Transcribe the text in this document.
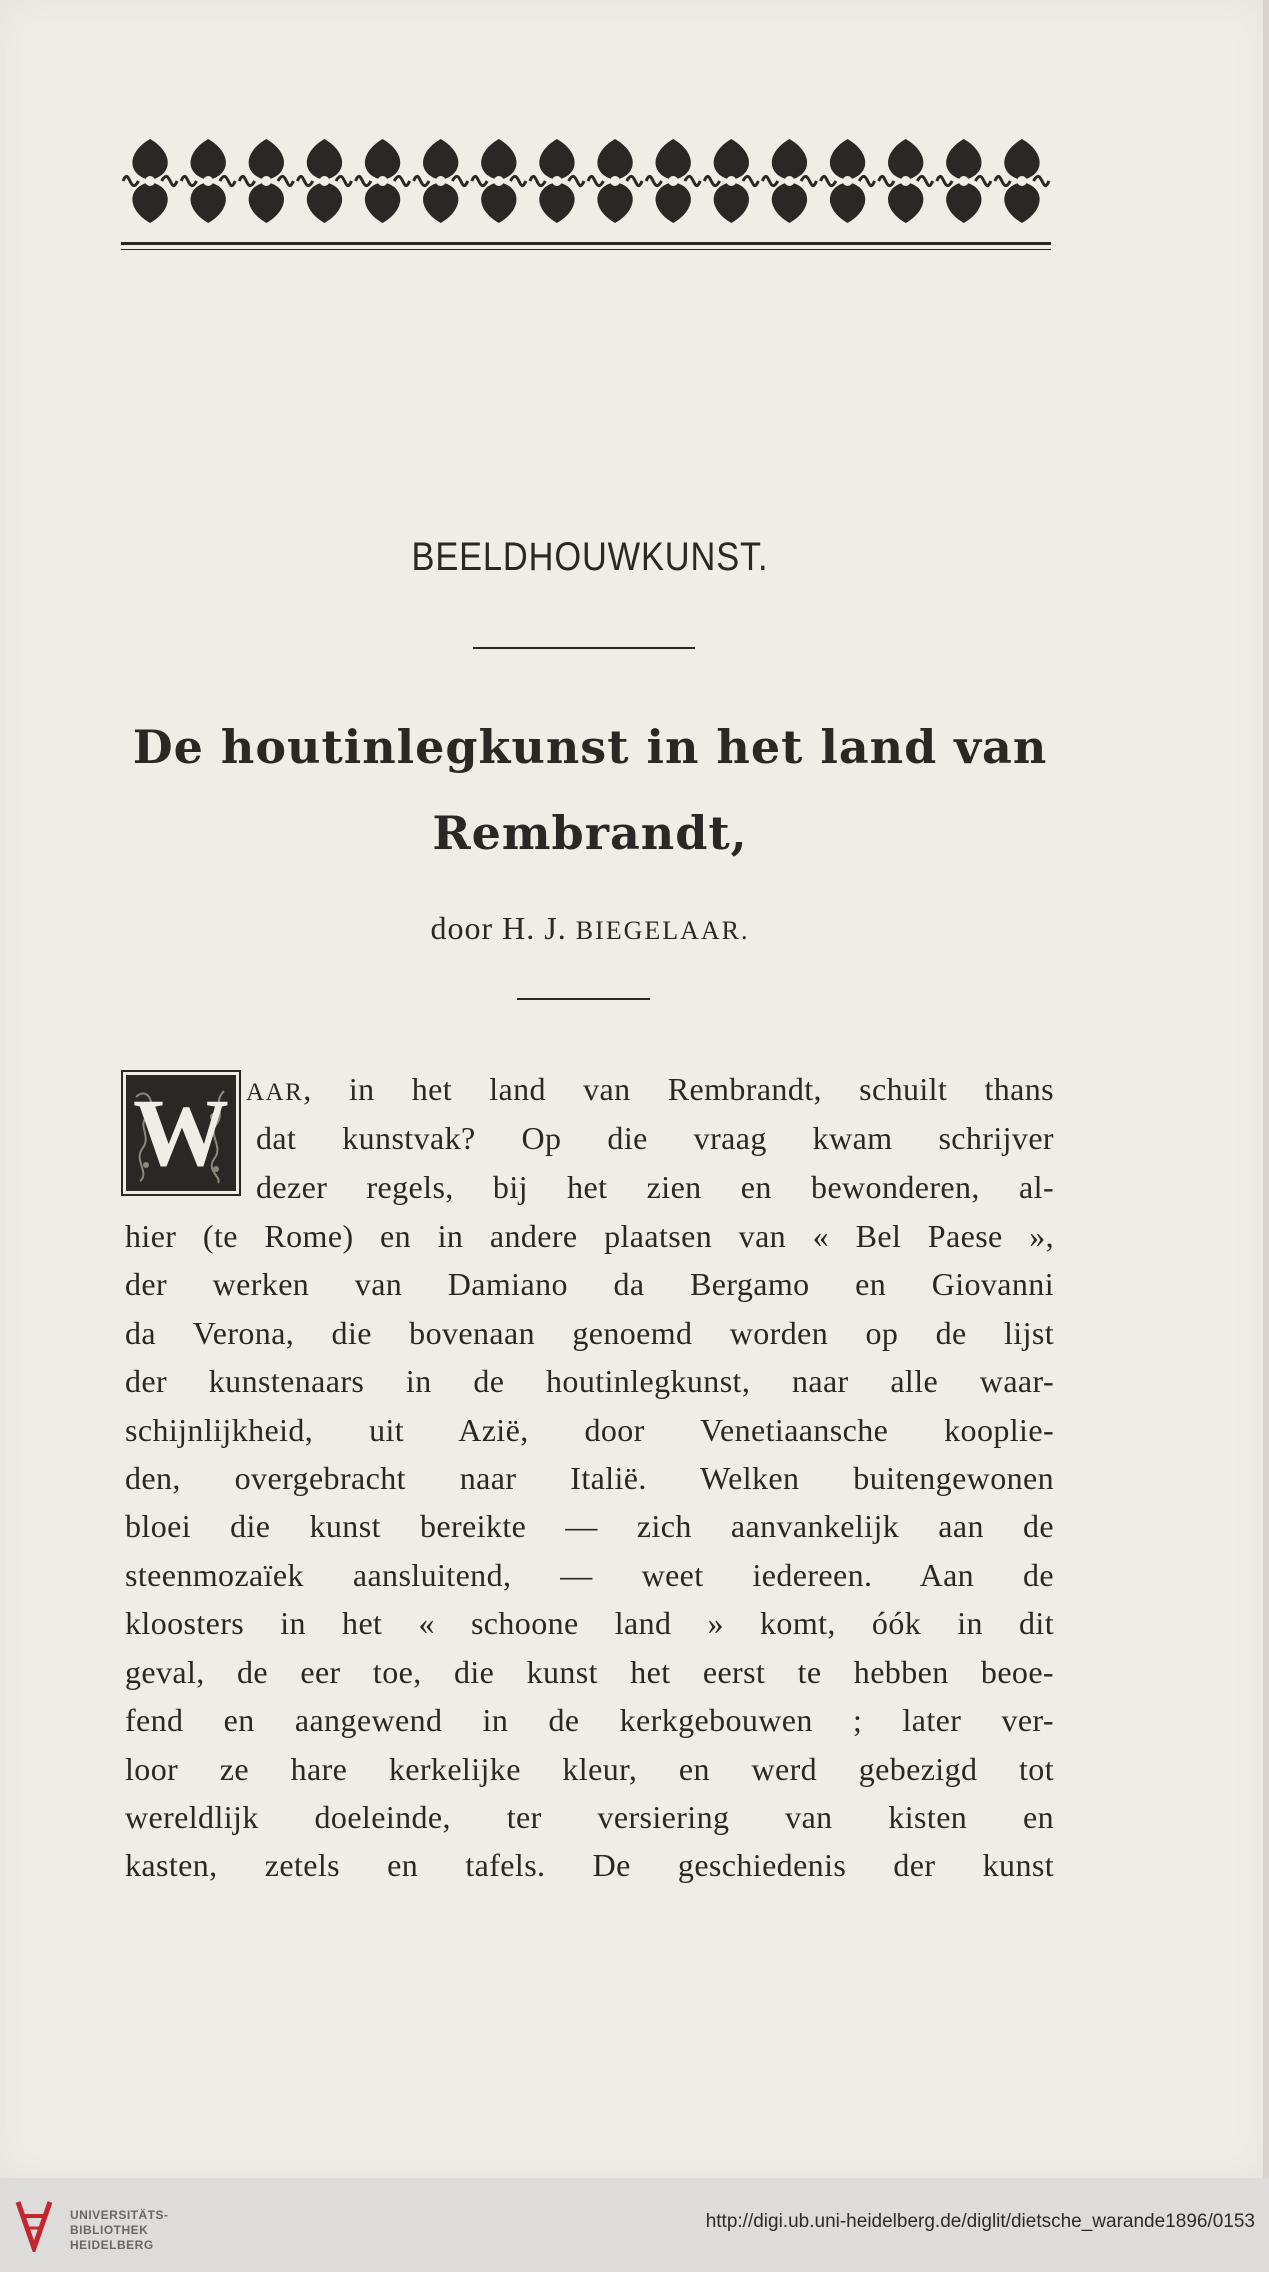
BEELDHOUWKUNST.
De houtinlegkunst in het land van
Rembrandt,
door H. J. BIEGELAAR.
W AAR, in het land van Rembrandt, schuilt thans
dat kunstvak? Op die vraag kwam schrijver
dezer regels, bij het zien en bewonderen, al-
hier (te Rome) en in andere plaatsen van « Bel Paese »,
der werken van Damiano da Bergamo en Giovanni
da Verona, die bovenaan genoemd worden op de lijst
der kunstenaars in de houtinlegkunst, naar alle waar-
schijnlijkheid, uit Azië, door Venetiaansche kooplie-
den, overgebracht naar Italië. Welken buitengewonen
bloei die kunst bereikte — zich aanvankelijk aan de
steenmozaïek aansluitend, — weet iedereen. Aan de
kloosters in het « schoone land » komt, óók in dit
geval, de eer toe, die kunst het eerst te hebben beoe-
fend en aangewend in de kerkgebouwen ; later ver-
loor ze hare kerkelijke kleur, en werd gebezigd tot
wereldlijk doeleinde, ter versiering van kisten en
kasten, zetels en tafels. De geschiedenis der kunst
UNIVERSITÄTS-
BIBLIOTHEK
HEIDELBERG
http://digi.ub.uni-heidelberg.de/diglit/dietsche_warande1896/0153
